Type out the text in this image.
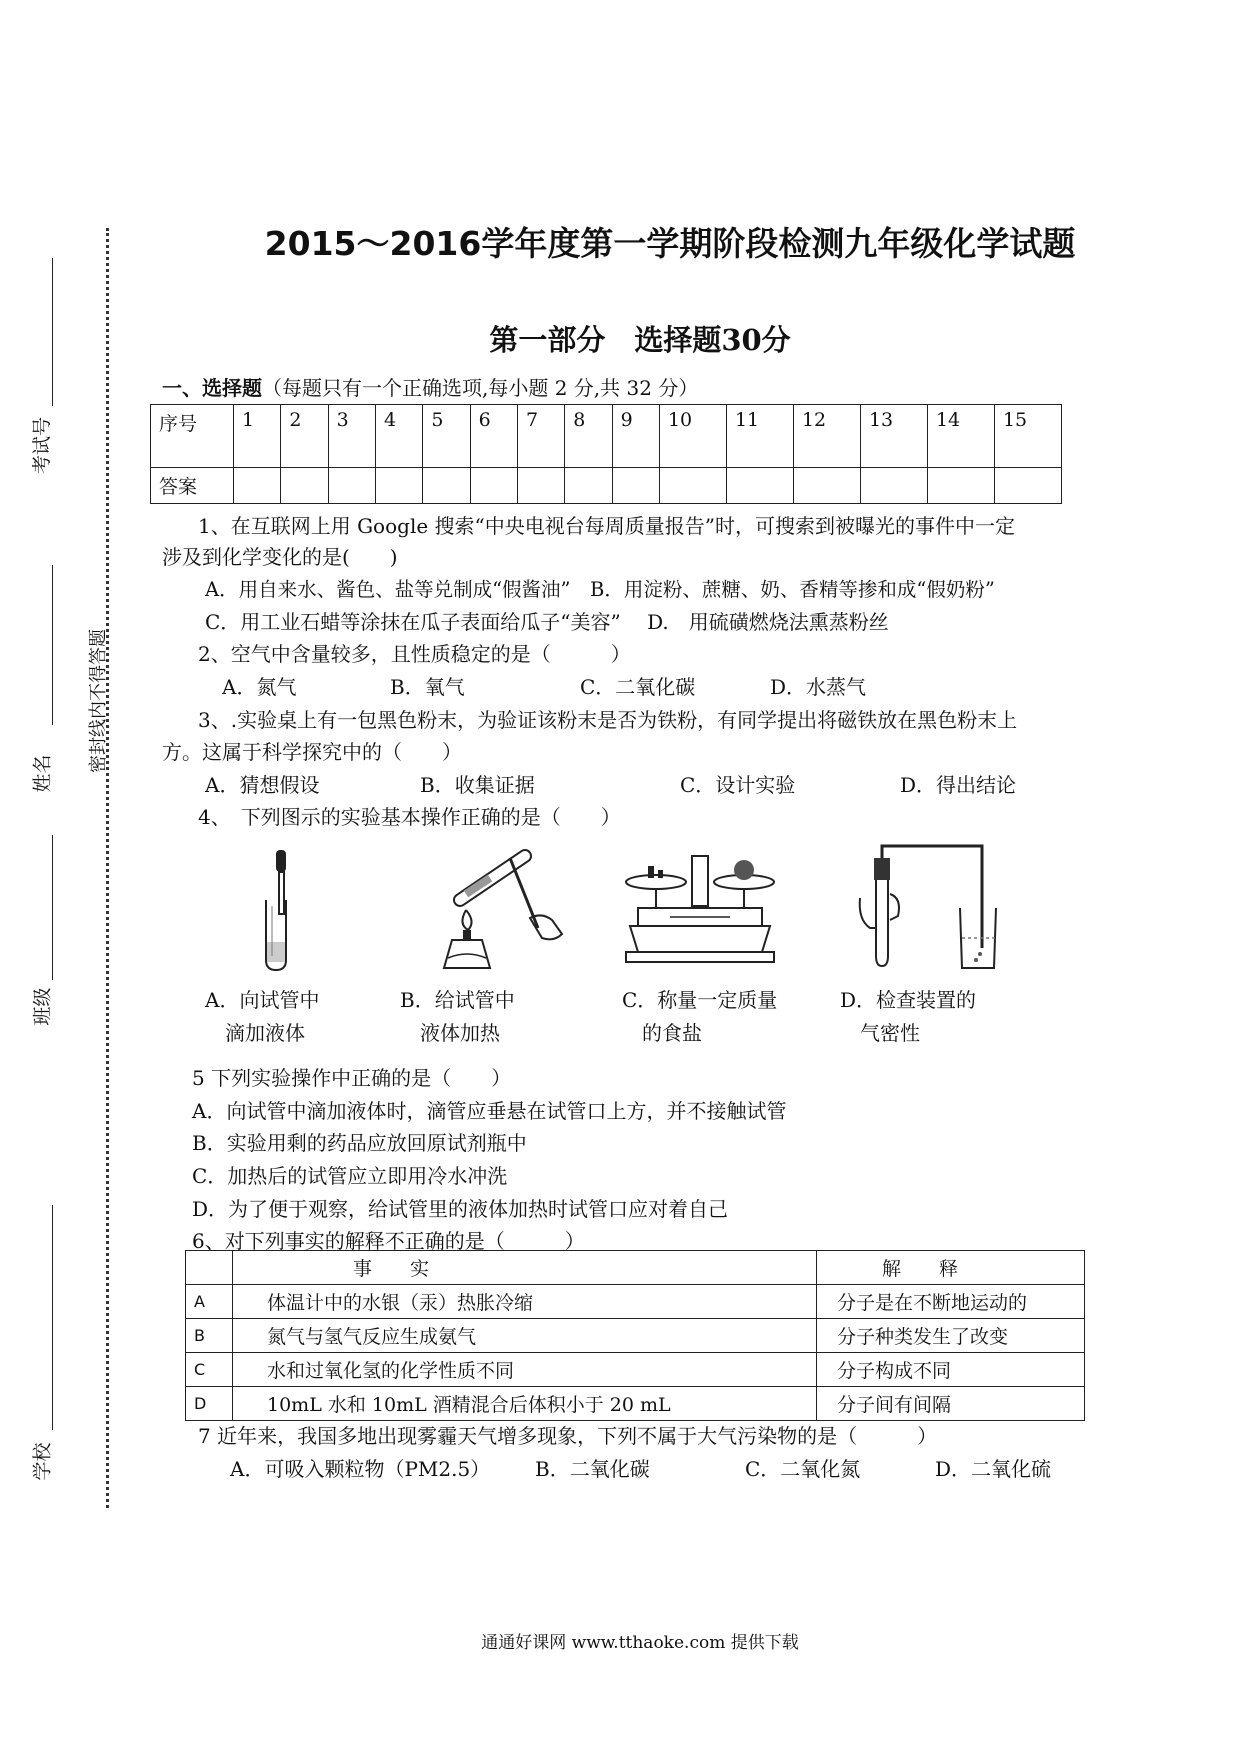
考试号
姓名
班级
学校
密封线内不得答题
2015～2016学年度第一学期阶段检测九年级化学试题
第一部分　选择题30分
一、选择题（每题只有一个正确选项,每小题 2 分,共 32 分）
序号	1	2	3	4	5	6	7	8	9	10	11	12	13	14	15
答案															
1、在互联网上用 Google 搜索“中央电视台每周质量报告”时，可搜索到被曝光的事件中一定
涉及到化学变化的是(　　)
A．用自来水、酱色、盐等兑制成“假酱油”　B．用淀粉、蔗糖、奶、香精等掺和成“假奶粉”
C．用工业石蜡等涂抹在瓜子表面给瓜子“美容”　 D.　用硫磺燃烧法熏蒸粉丝
2、空气中含量较多，且性质稳定的是（　　　）
A．氮气	B．氧气	C．二氧化碳	D．水蒸气
3、.实验桌上有一包黑色粉末，为验证该粉末是否为铁粉，有同学提出将磁铁放在黑色粉末上
方。这属于科学探究中的（　　）
A．猜想假设	B．收集证据	C．设计实验	D．得出结论
4、　下列图示的实验基本操作正确的是（　　）
A．向试管中
　滴加液体
B．给试管中
　液体加热
C．称量一定质量
　的食盐
D．检查装置的
　气密性
5 下列实验操作中正确的是（　　）
A．向试管中滴加液体时，滴管应垂悬在试管口上方，并不接触试管
B．实验用剩的药品应放回原试剂瓶中
C．加热后的试管应立即用冷水冲洗
D．为了便于观察，给试管里的液体加热时试管口应对着自己
6、对下列事实的解释不正确的是（　　　）
	事　　实	解　　释
A	体温计中的水银（汞）热胀冷缩	分子是在不断地运动的
B	氮气与氢气反应生成氨气	分子种类发生了改变
C	水和过氧化氢的化学性质不同	分子构成不同
D	10mL 水和 10mL 酒精混合后体积小于 20 mL	分子间有间隔
7 近年来，我国多地出现雾霾天气增多现象，下列不属于大气污染物的是（　　　）
A．可吸入颗粒物（PM2.5） B．二氧化碳	C．二氧化氮	D．二氧化硫
通通好课网 www.tthaoke.com 提供下载
